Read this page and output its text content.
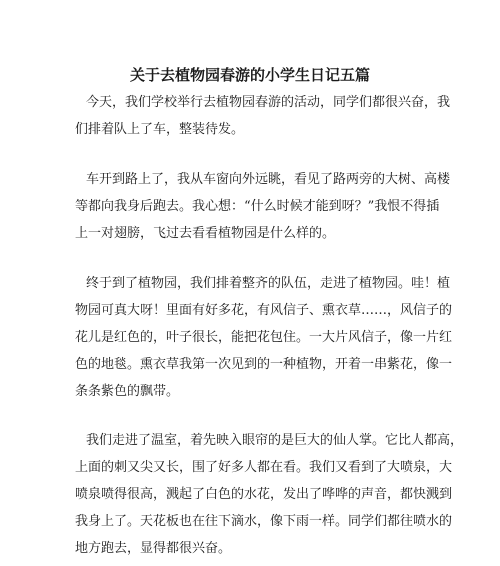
关于去植物园春游的小学生日记五篇
今天，我们学校举行去植物园春游的活动，同学们都很兴奋，我
们排着队上了车，整装待发。
车开到路上了，我从车窗向外远眺，看见了路两旁的大树、高楼
等都向我身后跑去。我心想：“什么时候才能到呀？”我恨不得插
上一对翅膀，飞过去看看植物园是什么样的。
终于到了植物园，我们排着整齐的队伍，走进了植物园。哇！植
物园可真大呀！里面有好多花，有风信子、熏衣草……，风信子的
花儿是红色的，叶子很长，能把花包住。一大片风信子，像一片红
色的地毯。熏衣草我第一次见到的一种植物，开着一串紫花，像一
条条紫色的飘带。
我们走进了温室，着先映入眼帘的是巨大的仙人掌。它比人都高，
上面的刺又尖又长，围了好多人都在看。我们又看到了大喷泉，大
喷泉喷得很高，溅起了白色的水花，发出了哗哗的声音，都快溅到
我身上了。天花板也在往下滴水，像下雨一样。同学们都往喷水的
地方跑去，显得都很兴奋。
